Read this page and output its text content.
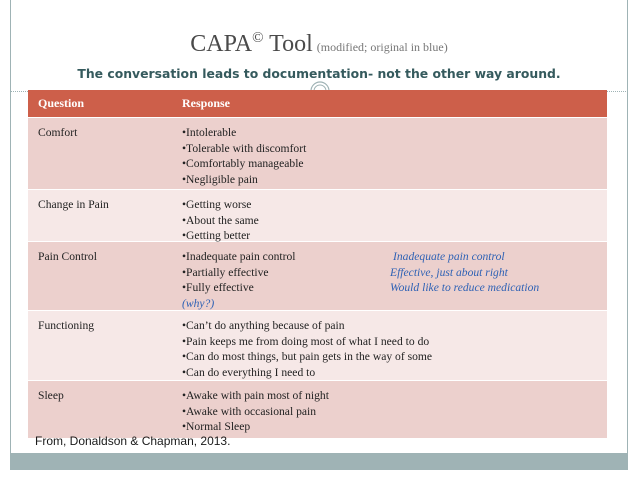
CAPA© Tool (modified; original in blue)
The conversation leads to documentation- not the other way around.
Question	Response
Comfort	•Intolerable
•Tolerable with discomfort
•Comfortably manageable
•Negligible pain
Change in Pain	•Getting worse
•About the same
•Getting better
Pain Control	•Inadequate pain control	Inadequate pain control
•Partially effective	Effective, just about right
•Fully effective	Would like to reduce medication
(why?)
Functioning	•Can’t do anything because of pain
•Pain keeps me from doing most of what I need to do
•Can do most things, but pain gets in the way of some
•Can do everything I need to
Sleep	•Awake with pain most of night
•Awake with occasional pain
•Normal Sleep
From, Donaldson & Chapman, 2013.
